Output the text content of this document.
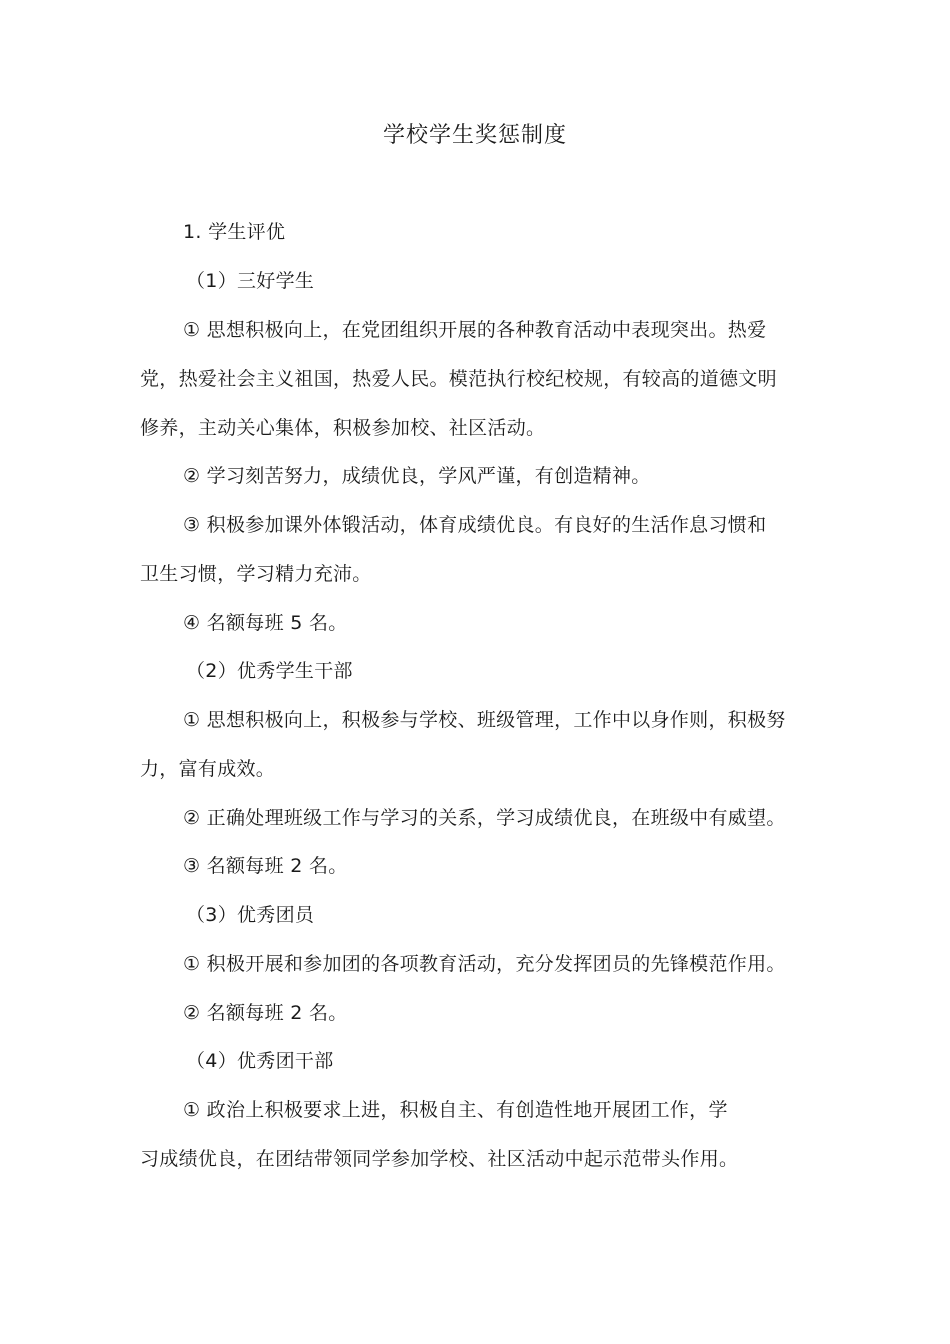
学校学生奖惩制度
1. 学生评优
（1）三好学生
① 思想积极向上，在党团组织开展的各种教育活动中表现突出。热爱
党，热爱社会主义祖国，热爱人民。模范执行校纪校规，有较高的道德文明
修养，主动关心集体，积极参加校、社区活动。
② 学习刻苦努力，成绩优良，学风严谨，有创造精神。
③ 积极参加课外体锻活动，体育成绩优良。有良好的生活作息习惯和
卫生习惯，学习精力充沛。
④ 名额每班 5 名。
（2）优秀学生干部
① 思想积极向上，积极参与学校、班级管理，工作中以身作则，积极努
力，富有成效。
② 正确处理班级工作与学习的关系，学习成绩优良，在班级中有威望。
③ 名额每班 2 名。
（3）优秀团员
① 积极开展和参加团的各项教育活动，充分发挥团员的先锋模范作用。
② 名额每班 2 名。
（4）优秀团干部
① 政治上积极要求上进，积极自主、有创造性地开展团工作，学
习成绩优良，在团结带领同学参加学校、社区活动中起示范带头作用。
